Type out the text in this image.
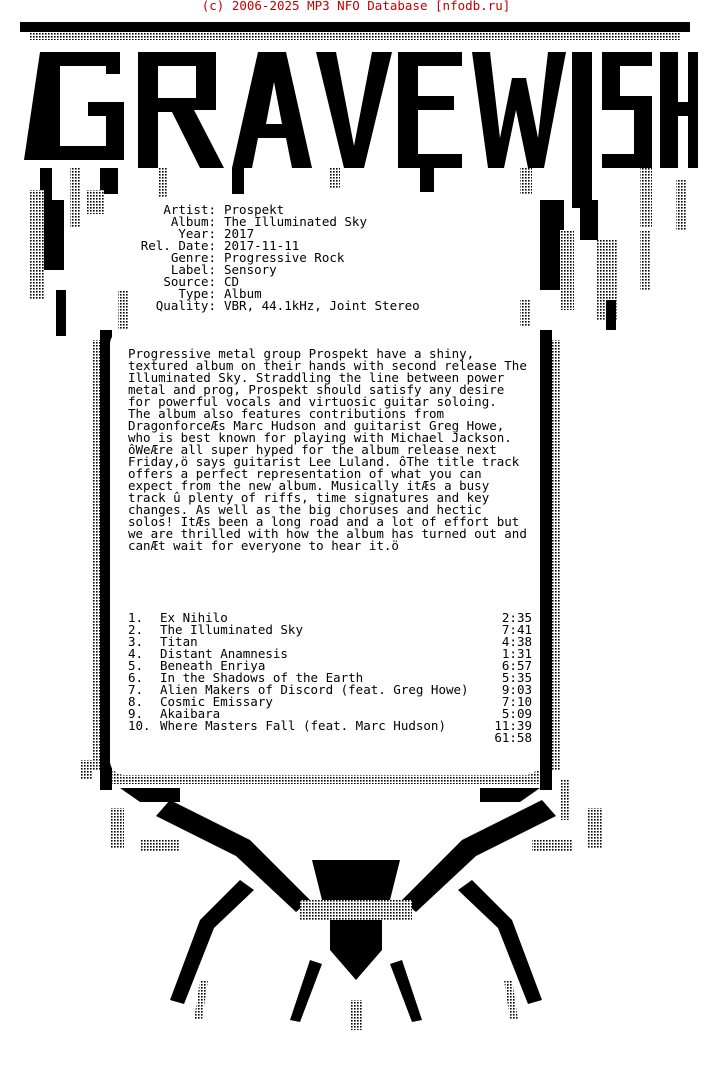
(c) 2006-2025 MP3 NFO Database [nfodb.ru]
Artist: Prospekt
Album: The Illuminated Sky
Year: 2017
Rel. Date: 2017-11-11
Genre: Progressive Rock
Label: Sensory
Source: CD
Type: Album
Quality: VBR, 44.1kHz, Joint Stereo

Progressive metal group Prospekt have a shiny, textured album on their hands with second release The Illuminated Sky. Straddling the line between power metal and prog, Prospekt should satisfy any desire for powerful vocals and virtuosic guitar soloing.

The album also features contributions from DragonforceÆs Marc Hudson and guitarist Greg Howe, who is best known for playing with Michael Jackson.

ôWeÆre all super hyped for the album release next Friday,ö says guitarist Lee Luland. ôThe title track offers a perfect representation of what you can expect from the new album. Musically itÆs a busy track û plenty of riffs, time signatures and key changes. As well as the big choruses and hectic solos! ItÆs been a long road and a lot of effort but we are thrilled with how the album has turned out and canÆt wait for everyone to hear it.ö

1.	Ex Nihilo	2:35
2.	The Illuminated Sky	7:41
3.	Titan	4:38
4.	Distant Anamnesis	1:31
5.	Beneath Enriya	6:57
6.	In the Shadows of the Earth	5:35
7.	Alien Makers of Discord (feat. Greg Howe)	9:03
8.	Cosmic Emissary	7:10
9.	Akaibara	5:09
10. Where Masters Fall (feat. Marc Hudson)	11:39
61:58
